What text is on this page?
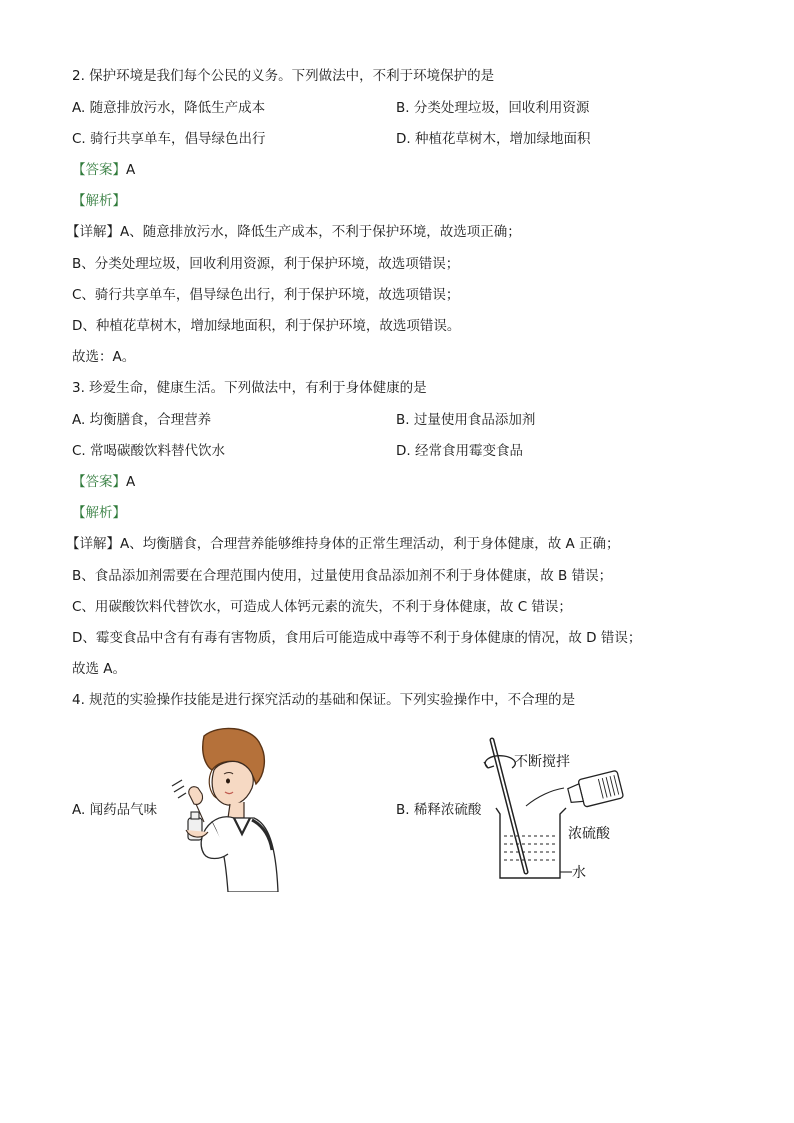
2. 保护环境是我们每个公民的义务。下列做法中，不利于环境保护的是
A. 随意排放污水，降低生产成本	B. 分类处理垃圾，回收利用资源
C. 骑行共享单车，倡导绿色出行	D. 种植花草树木，增加绿地面积
【答案】A
【解析】
【详解】A、随意排放污水，降低生产成本，不利于保护环境，故选项正确；
B、分类处理垃圾，回收利用资源，利于保护环境，故选项错误；
C、骑行共享单车，倡导绿色出行，利于保护环境，故选项错误；
D、种植花草树木，增加绿地面积，利于保护环境，故选项错误。
故选：A。
3. 珍爱生命，健康生活。下列做法中，有利于身体健康的是
A. 均衡膳食，合理营养	B. 过量使用食品添加剂
C. 常喝碳酸饮料替代饮水	D. 经常食用霉变食品
【答案】A
【解析】
【详解】A、均衡膳食，合理营养能够维持身体的正常生理活动，利于身体健康，故 A 正确；
B、食品添加剂需要在合理范围内使用，过量使用食品添加剂不利于身体健康，故 B 错误；
C、用碳酸饮料代替饮水，可造成人体钙元素的流失，不利于身体健康，故 C 错误；
D、霉变食品中含有有毒有害物质，食用后可能造成中毒等不利于身体健康的情况，故 D 错误；
故选 A。
4. 规范的实验操作技能是进行探究活动的基础和保证。下列实验操作中，不合理的是
A. 闻药品气味	B. 稀释浓硫酸
不断搅拌
浓硫酸
水
